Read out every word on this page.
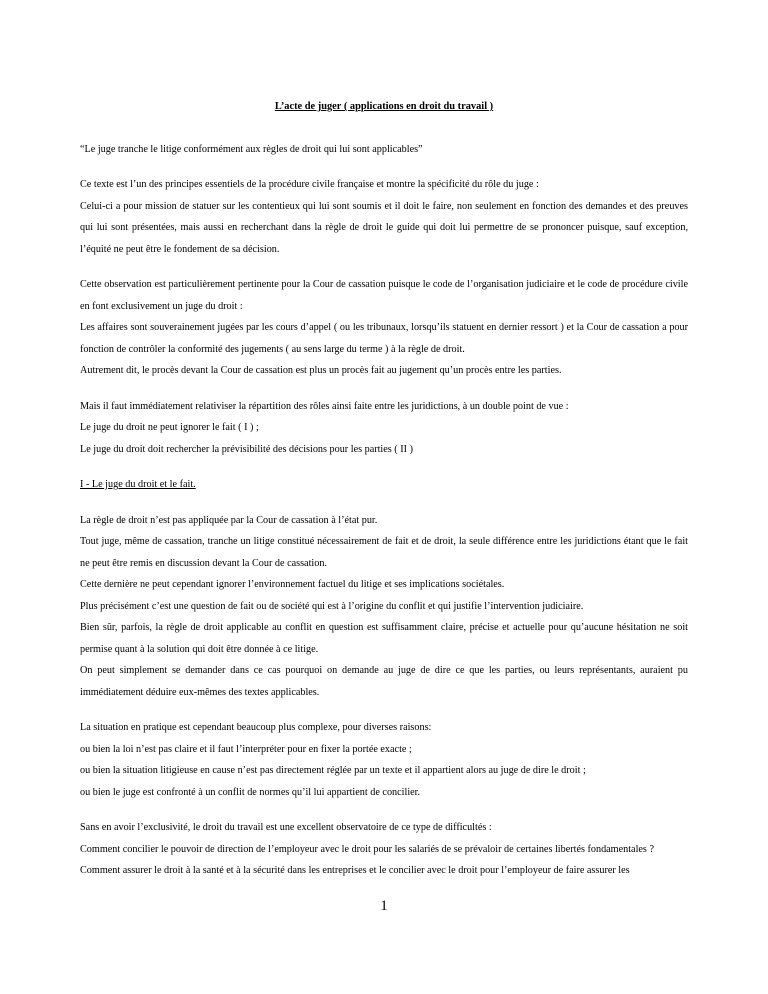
L’acte de juger ( applications en droit du travail )

“Le juge tranche le litige conformément aux règles de droit qui lui sont applicables”

Ce texte est l’un des principes essentiels de la procédure civile française et montre la spécificité du rôle du juge :

Celui-ci a pour mission de statuer sur les contentieux qui lui sont soumis et il doit le faire, non seulement en fonction des demandes et des preuves qui lui sont présentées, mais aussi en recherchant dans la règle de droit le guide qui doit lui permettre de se prononcer puisque, sauf exception, l’équité ne peut être le fondement de sa décision.

Cette observation est particulièrement pertinente pour la Cour de cassation puisque le code de l’organisation judiciaire et le code de procédure civile en font exclusivement un juge du droit :

Les affaires sont souverainement jugées par les cours d’appel ( ou les tribunaux, lorsqu’ils statuent en dernier ressort ) et la Cour de cassation a pour fonction de contrôler la conformité des jugements ( au sens large du terme ) à la règle de droit.

Autrement dit, le procès devant la Cour de cassation est plus un procès fait au jugement qu’un procès entre les parties.

Mais il faut immédiatement relativiser la répartition des rôles ainsi faite entre les juridictions, à un double point de vue :

Le juge du droit ne peut ignorer le fait ( I ) ;

Le juge du droit doit rechercher la prévisibilité des décisions pour les parties ( II )

I - Le juge du droit et le fait.

La règle de droit n’est pas appliquée par la Cour de cassation à l’état pur.

Tout juge, même de cassation, tranche un litige constitué nécessairement de fait et de droit, la seule différence entre les juridictions étant que le fait ne peut être remis en discussion devant la Cour de cassation.

Cette dernière ne peut cependant ignorer l’environnement factuel du litige et ses implications sociétales.

Plus précisément c’est une question de fait ou de société qui est à l’origine du conflit et qui justifie l’intervention judiciaire.

Bien sûr, parfois, la règle de droit applicable au conflit en question est suffisamment claire, précise et actuelle pour qu’aucune hésitation ne soit permise quant à la solution qui doit être donnée à ce litige.

On peut simplement se demander dans ce cas pourquoi on demande au juge de dire ce que les parties, ou leurs représentants, auraient pu immédiatement déduire eux-mêmes des textes applicables.

La situation en pratique est cependant beaucoup plus complexe, pour diverses raisons:

ou bien la loi n’est pas claire et il faut l’interpréter pour en fixer la portée exacte ;

ou bien la situation litigieuse en cause n’est pas directement réglée par un texte et il appartient alors au juge de dire le droit ;

ou bien le juge est confronté à un conflit de normes qu’il lui appartient de concilier.

Sans en avoir l’exclusivité, le droit du travail est une excellent observatoire de ce type de difficultés :

Comment concilier le pouvoir de direction de l’employeur avec le droit pour les salariés de se prévaloir de certaines libertés fondamentales ?

Comment assurer le droit à la santé et à la sécurité dans les entreprises et le concilier avec le droit pour l’employeur de faire assurer les

1
